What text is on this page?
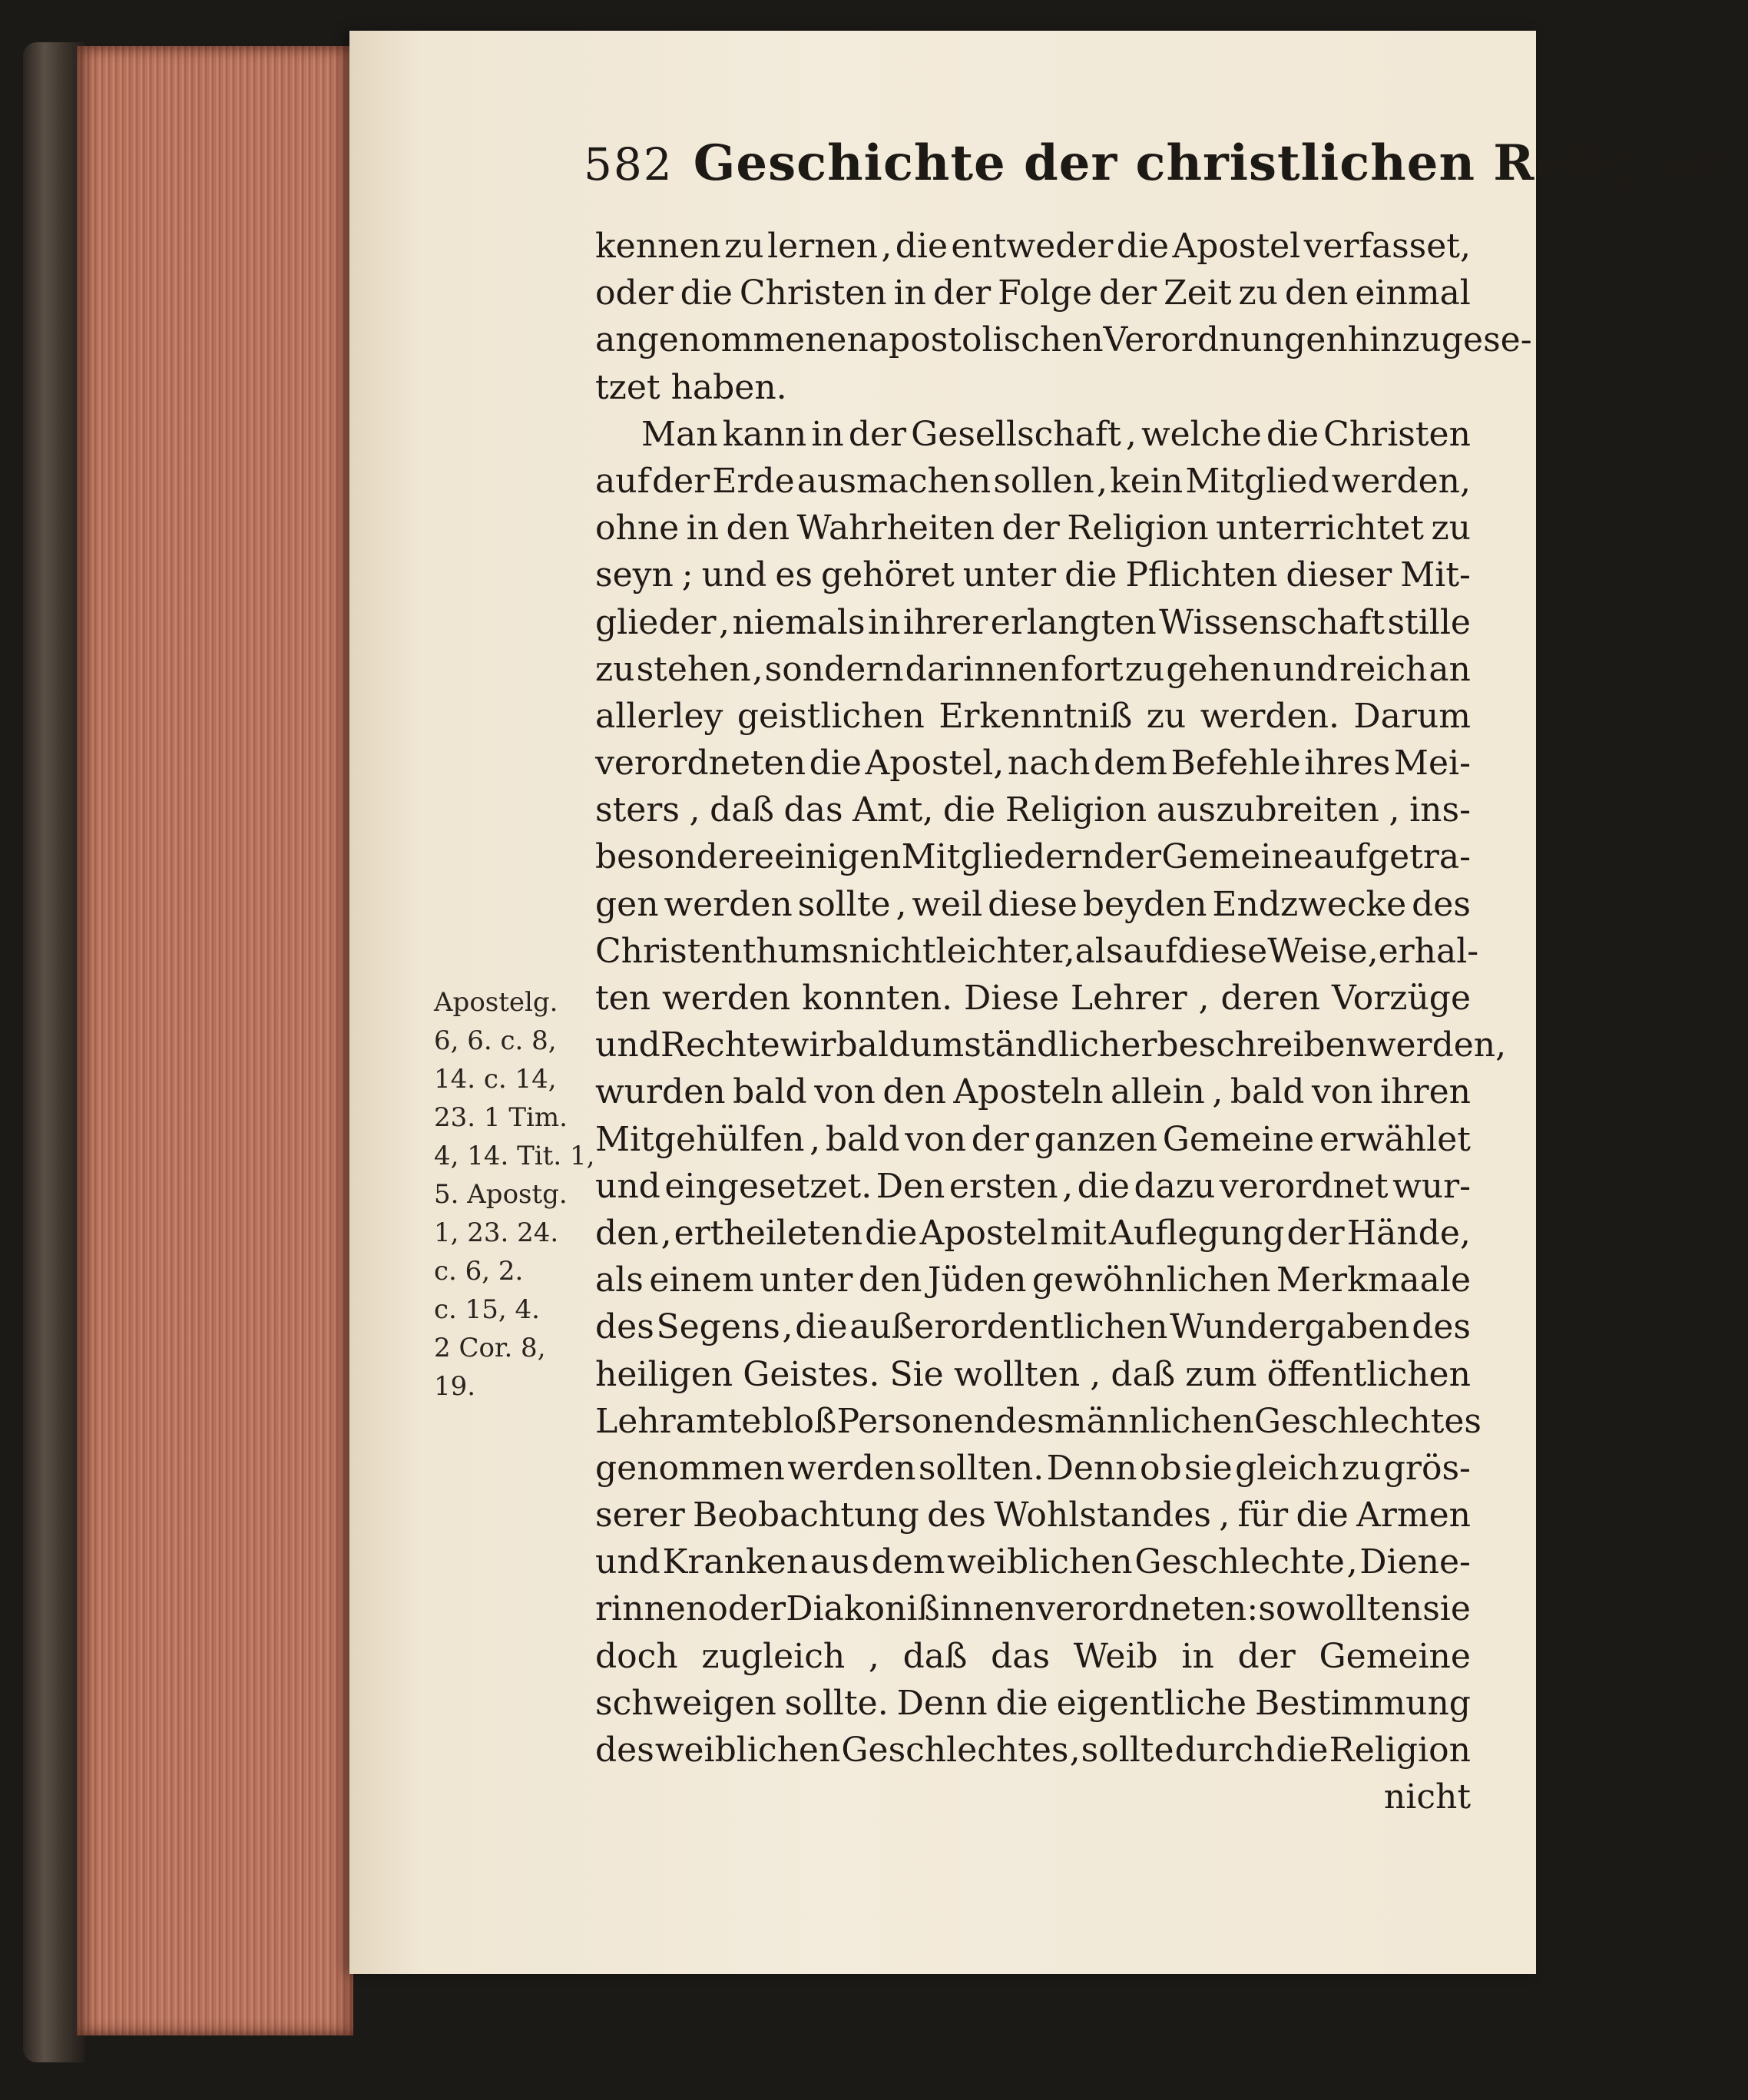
582 Geschichte der christlichen Religion.
Apostelg.
6, 6. c. 8,
14. c. 14,
23. 1 Tim.
4, 14. Tit. 1,
5. Apostg.
1, 23. 24.
c. 6, 2.
c. 15, 4.
2 Cor. 8,
19.
kennen zu lernen , die entweder die Apostel verfasset,
oder die Christen in der Folge der Zeit zu den einmal
angenommenen apostolischen Verordnungen hinzugese-
tzet haben.
Man kann in der Gesellschaft , welche die Christen
auf der Erde ausmachen sollen , kein Mitglied werden,
ohne in den Wahrheiten der Religion unterrichtet zu
seyn ; und es gehöret unter die Pflichten dieser Mit-
glieder , niemals in ihrer erlangten Wissenschaft stille
zu stehen , sondern darinnen fort zu gehen und reich an
allerley geistlichen Erkenntniß zu werden. Darum
verordneten die Apostel, nach dem Befehle ihres Mei-
sters , daß das Amt, die Religion auszubreiten , ins-
besondere einigen Mitgliedern der Gemeine aufgetra-
gen werden sollte , weil diese beyden Endzwecke des
Christenthums nicht leichter, als auf diese Weise, erhal-
ten werden konnten. Diese Lehrer , deren Vorzüge
und Rechte wir bald umständlicher beschreiben werden,
wurden bald von den Aposteln allein , bald von ihren
Mitgehülfen , bald von der ganzen Gemeine erwählet
und eingesetzet. Den ersten , die dazu verordnet wur-
den , ertheileten die Apostel mit Auflegung der Hände,
als einem unter den Jüden gewöhnlichen Merkmaale
des Segens , die außerordentlichen Wundergaben des
heiligen Geistes. Sie wollten , daß zum öffentlichen
Lehramte bloß Personen des männlichen Geschlechtes
genommen werden sollten. Denn ob sie gleich zu grös-
serer Beobachtung des Wohlstandes , für die Armen
und Kranken aus dem weiblichen Geschlechte , Diene-
rinnen oder Diakonißinnen verordneten : so wollten sie
doch zugleich , daß das Weib in der Gemeine
schweigen sollte. Denn die eigentliche Bestimmung
des weiblichen Geschlechtes , sollte durch die Religion
nicht
